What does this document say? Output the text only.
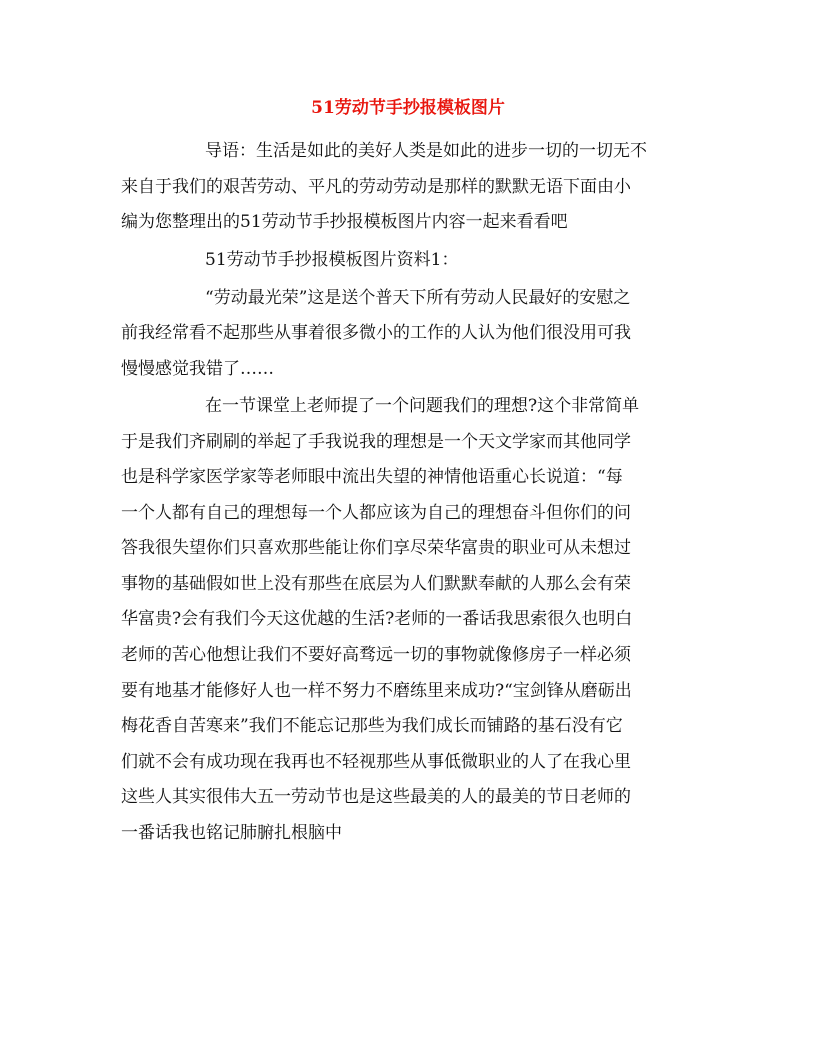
51劳动节手抄报模板图片
导语：生活是如此的美好人类是如此的进步一切的一切无不
来自于我们的艰苦劳动、平凡的劳动劳动是那样的默默无语下面由小
编为您整理出的51劳动节手抄报模板图片内容一起来看看吧
51劳动节手抄报模板图片资料1：
“劳动最光荣”这是送个普天下所有劳动人民最好的安慰之
前我经常看不起那些从事着很多微小的工作的人认为他们很没用可我
慢慢感觉我错了……
在一节课堂上老师提了一个问题我们的理想?这个非常简单
于是我们齐刷刷的举起了手我说我的理想是一个天文学家而其他同学
也是科学家医学家等老师眼中流出失望的神情他语重心长说道：“每
一个人都有自己的理想每一个人都应该为自己的理想奋斗但你们的问
答我很失望你们只喜欢那些能让你们享尽荣华富贵的职业可从未想过
事物的基础假如世上没有那些在底层为人们默默奉献的人那么会有荣
华富贵?会有我们今天这优越的生活?老师的一番话我思索很久也明白
老师的苦心他想让我们不要好高骛远一切的事物就像修房子一样必须
要有地基才能修好人也一样不努力不磨练里来成功?“宝剑锋从磨砺出
梅花香自苦寒来”我们不能忘记那些为我们成长而铺路的基石没有它
们就不会有成功现在我再也不轻视那些从事低微职业的人了在我心里
这些人其实很伟大五一劳动节也是这些最美的人的最美的节日老师的
一番话我也铭记肺腑扎根脑中
